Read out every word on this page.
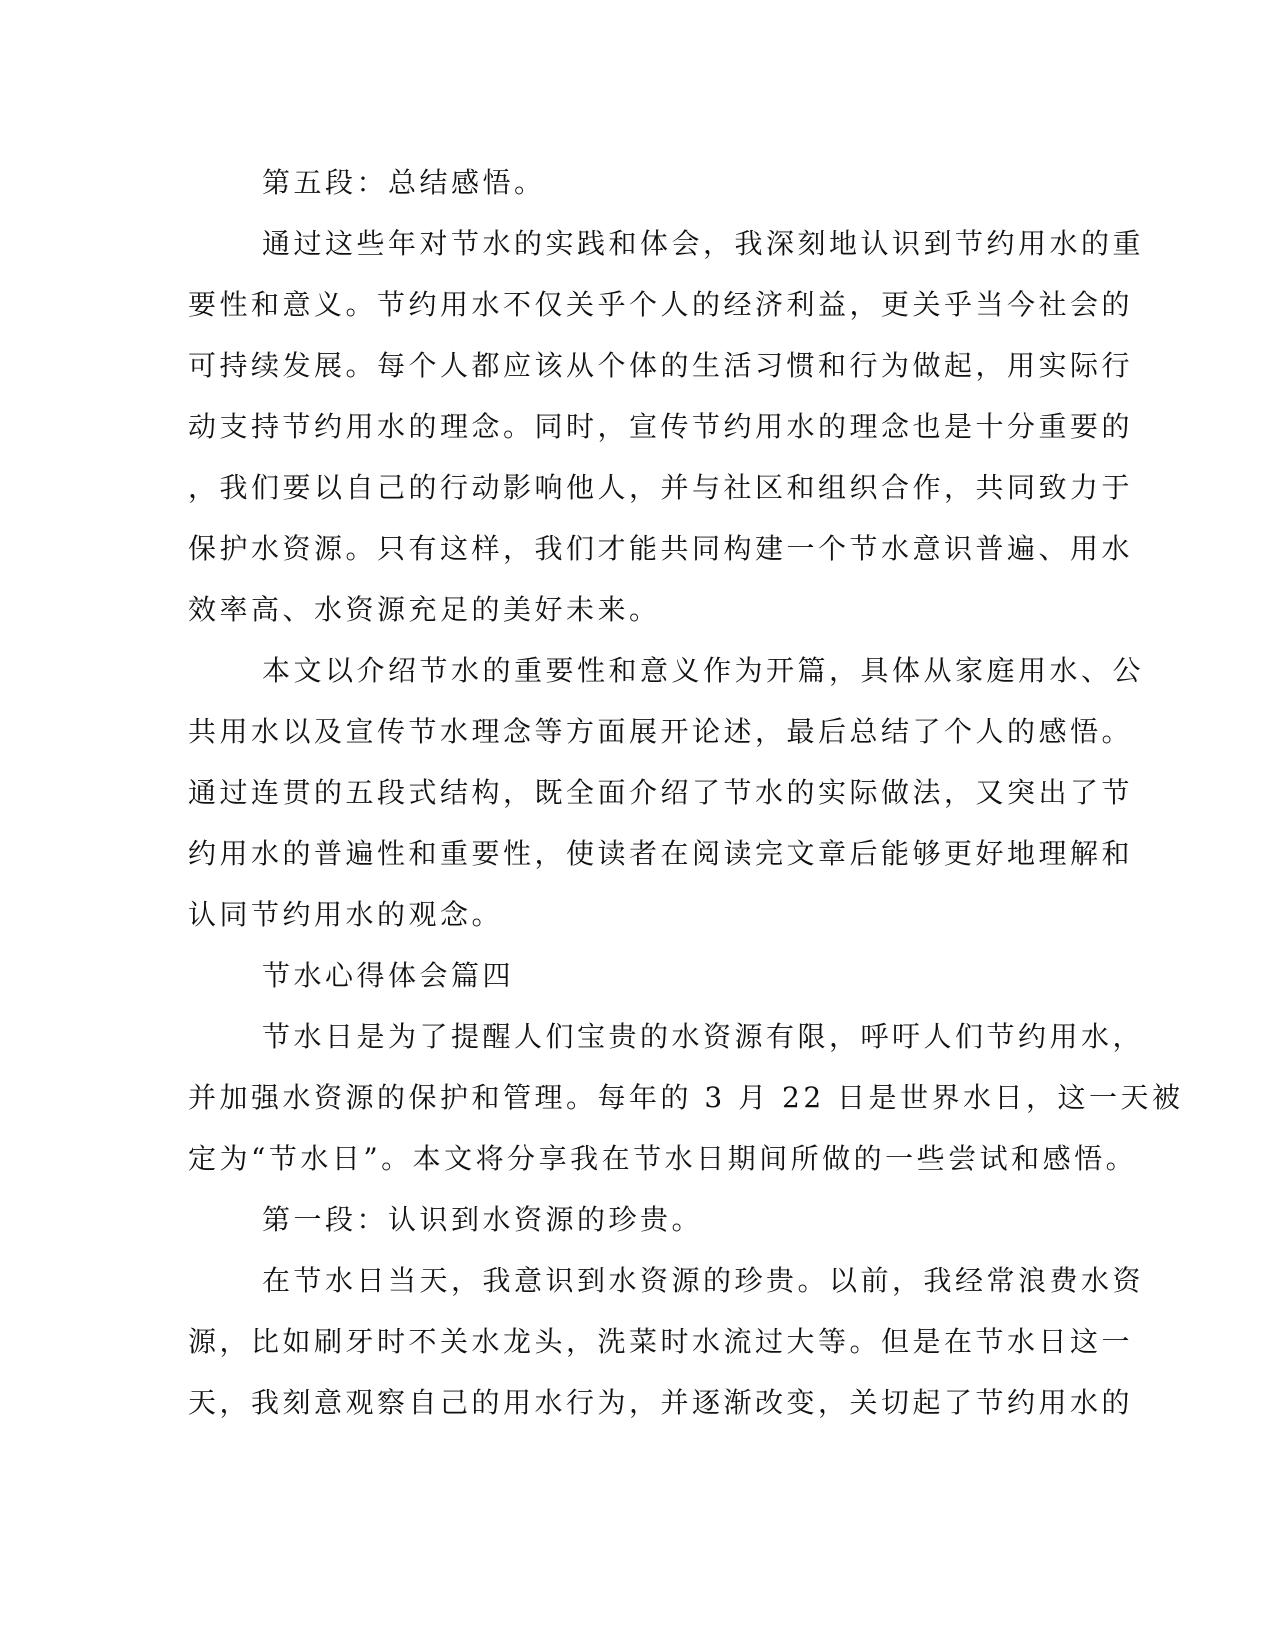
第五段：总结感悟。
通过这些年对节水的实践和体会，我深刻地认识到节约用水的重
要性和意义。节约用水不仅关乎个人的经济利益，更关乎当今社会的
可持续发展。每个人都应该从个体的生活习惯和行为做起，用实际行
动支持节约用水的理念。同时，宣传节约用水的理念也是十分重要的
，我们要以自己的行动影响他人，并与社区和组织合作，共同致力于
保护水资源。只有这样，我们才能共同构建一个节水意识普遍、用水
效率高、水资源充足的美好未来。
本文以介绍节水的重要性和意义作为开篇，具体从家庭用水、公
共用水以及宣传节水理念等方面展开论述，最后总结了个人的感悟。
通过连贯的五段式结构，既全面介绍了节水的实际做法，又突出了节
约用水的普遍性和重要性，使读者在阅读完文章后能够更好地理解和
认同节约用水的观念。
节水心得体会篇四
节水日是为了提醒人们宝贵的水资源有限，呼吁人们节约用水，
并加强水资源的保护和管理。每年的 3 月 22 日是世界水日，这一天被
定为“节水日”。本文将分享我在节水日期间所做的一些尝试和感悟。
第一段：认识到水资源的珍贵。
在节水日当天，我意识到水资源的珍贵。以前，我经常浪费水资
源，比如刷牙时不关水龙头，洗菜时水流过大等。但是在节水日这一
天，我刻意观察自己的用水行为，并逐渐改变，关切起了节约用水的
